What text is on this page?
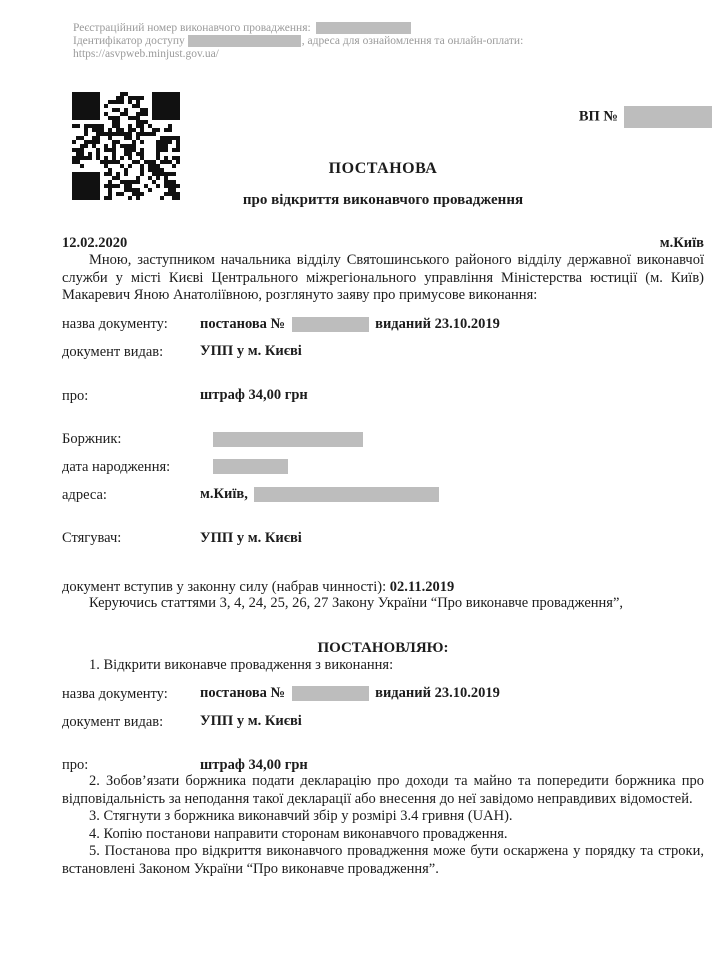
Реєстраційний номер виконавчого провадження:
Ідентифікатор доступу	, адреса для ознайомлення та онлайн-оплати:
https://asvpweb.minjust.gov.ua/
ВП №
ПОСТАНОВА
про відкриття виконавчого провадження
12.02.2020	м.Київ

Мною, заступником начальника відділу Святошинського районого відділу державної виконавчої служби у місті Києві Центрального міжрегіонального управління Міністерства юстиції (м. Київ) Макаревич Яною Анатоліївною, розглянуто заяву про примусове виконання:

назва документу: постанова №	виданий 23.10.2019
документ видав:	УПП у м. Києві
про:	штраф 34,00 грн
Боржник:
дата народження:
адреса:	м.Київ,
Стягувач:	УПП у м. Києві
документ вступив у законну силу (набрав чинності): 02.11.2019

Керуючись статтями 3, 4, 24, 25, 26, 27 Закону України “Про виконавче провадження”,

ПОСТАНОВЛЯЮ:

1. Відкрити виконавче провадження з виконання:

назва документу: постанова №	виданий 23.10.2019
документ видав:	УПП у м. Києві
про:	штраф 34,00 грн

2. Зобов’язати боржника подати декларацію про доходи та майно та попередити боржника про відповідальність за неподання такої декларації або внесення до неї завідомо неправдивих відомостей.

3. Стягнути з боржника виконавчий збір у розмірі 3.4 гривня (UAH).

4. Копію постанови направити сторонам виконавчого провадження.

5. Постанова про відкриття виконавчого провадження може бути оскаржена у порядку та строки, встановлені Законом України “Про виконавче провадження”.
